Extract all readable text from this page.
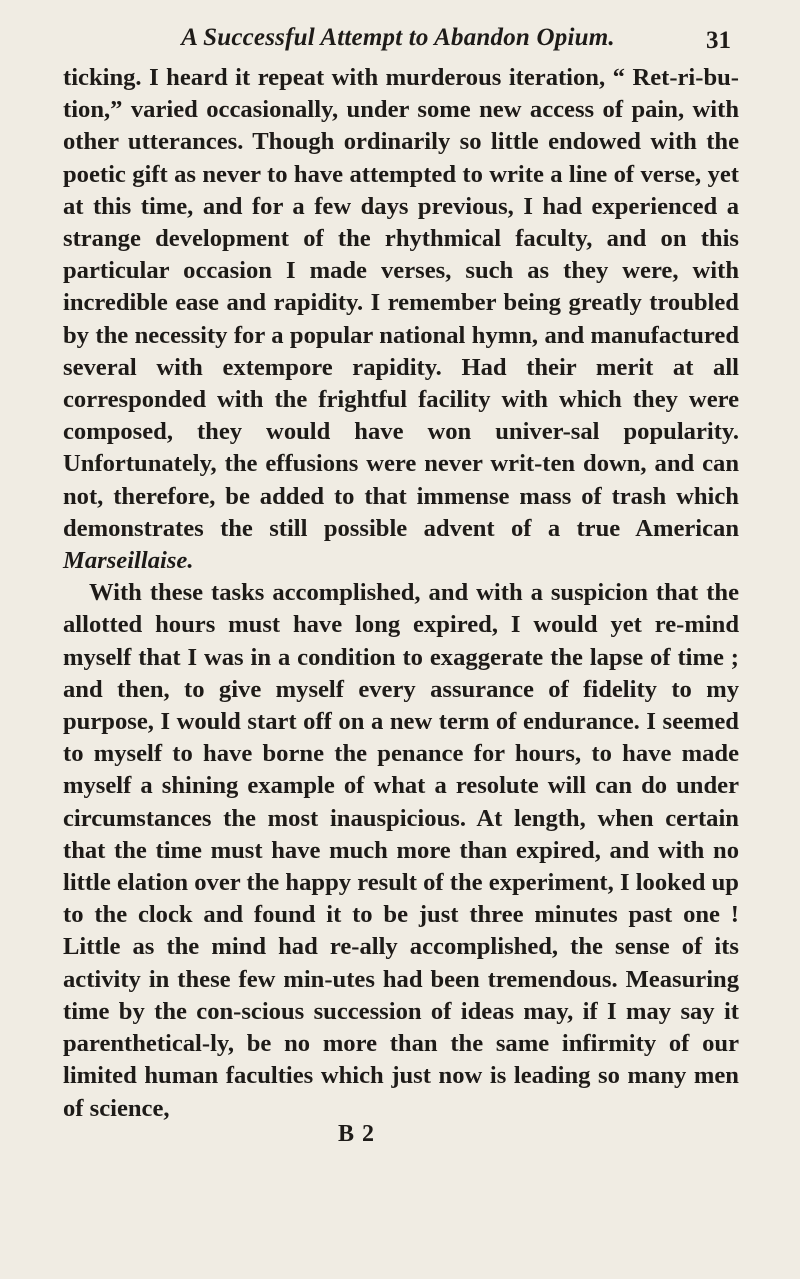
A Successful Attempt to Abandon Opium.	31

ticking. I heard it repeat with murderous iteration, “ Ret-ri-bu-tion,” varied occasionally, under some new access of pain, with other utterances. Though ordinarily so little endowed with the poetic gift as never to have attempted to write a line of verse, yet at this time, and for a few days previous, I had experienced a strange development of the rhythmical faculty, and on this particular occasion I made verses, such as they were, with incredible ease and rapidity. I remember being greatly troubled by the necessity for a popular national hymn, and manufactured several with extempore rapidity. Had their merit at all corresponded with the frightful facility with which they were composed, they would have won univer-sal popularity. Unfortunately, the effusions were never writ-ten down, and can not, therefore, be added to that immense mass of trash which demonstrates the still possible advent of a true American Marseillaise.

With these tasks accomplished, and with a suspicion that the allotted hours must have long expired, I would yet re-mind myself that I was in a condition to exaggerate the lapse of time ; and then, to give myself every assurance of fidelity to my purpose, I would start off on a new term of endurance. I seemed to myself to have borne the penance for hours, to have made myself a shining example of what a resolute will can do under circumstances the most inauspicious. At length, when certain that the time must have much more than expired, and with no little elation over the happy result of the experiment, I looked up to the clock and found it to be just three minutes past one ! Little as the mind had re-ally accomplished, the sense of its activity in these few min-utes had been tremendous. Measuring time by the con-scious succession of ideas may, if I may say it parenthetical-ly, be no more than the same infirmity of our limited human faculties which just now is leading so many men of science,

B 2
